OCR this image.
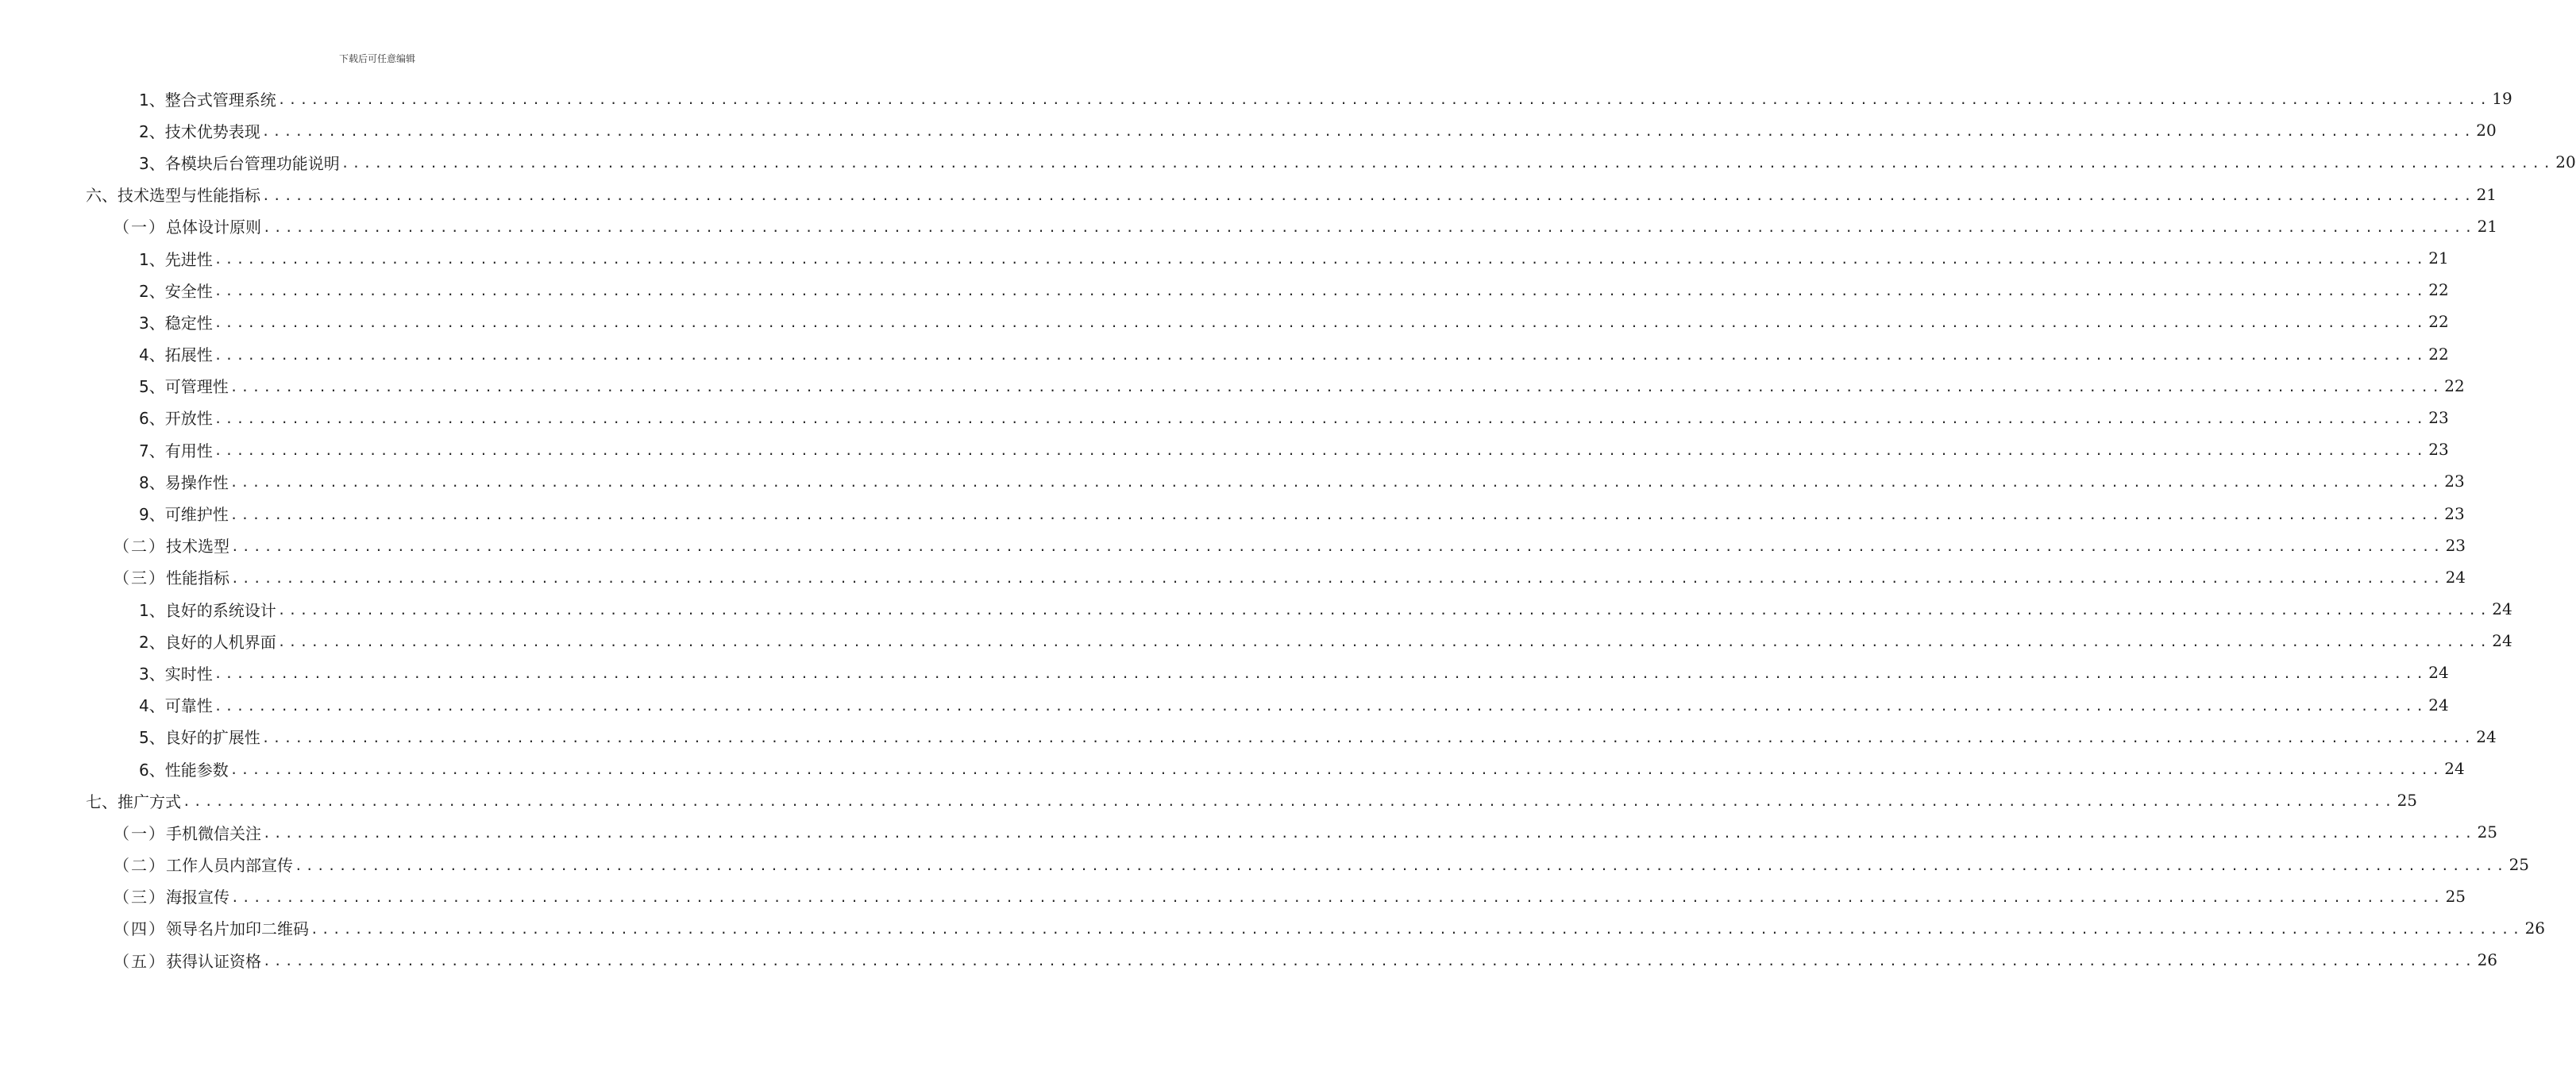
下载后可任意编辑
1、 整合式管理系统 ........................................................................................................................................................................................................ 19
2、 技术优势表现 ........................................................................................................................................................................................................ 20
3、 各模块后台管理功能说明 ........................................................................................................................................................................................................ 20
六、 技术选型与性能指标 ........................................................................................................................................................................................................ 21
（一） 总体设计原则 ........................................................................................................................................................................................................ 21
1、 先进性 ........................................................................................................................................................................................................ 21
2、 安全性 ........................................................................................................................................................................................................ 22
3、 稳定性 ........................................................................................................................................................................................................ 22
4、 拓展性 ........................................................................................................................................................................................................ 22
5、 可管理性 ........................................................................................................................................................................................................ 22
6、 开放性 ........................................................................................................................................................................................................ 23
7、 有用性 ........................................................................................................................................................................................................ 23
8、 易操作性 ........................................................................................................................................................................................................ 23
9、 可维护性 ........................................................................................................................................................................................................ 23
（二） 技术选型 ........................................................................................................................................................................................................ 23
（三） 性能指标 ........................................................................................................................................................................................................ 24
1、 良好的系统设计 ........................................................................................................................................................................................................ 24
2、 良好的人机界面 ........................................................................................................................................................................................................ 24
3、 实时性 ........................................................................................................................................................................................................ 24
4、 可靠性 ........................................................................................................................................................................................................ 24
5、 良好的扩展性 ........................................................................................................................................................................................................ 24
6、 性能参数 ........................................................................................................................................................................................................ 24
七、 推广方式 ........................................................................................................................................................................................................ 25
（一） 手机微信关注 ........................................................................................................................................................................................................ 25
（二） 工作人员内部宣传 ........................................................................................................................................................................................................ 25
（三） 海报宣传 ........................................................................................................................................................................................................ 25
（四） 领导名片加印二维码 ........................................................................................................................................................................................................ 26
（五） 获得认证资格 ........................................................................................................................................................................................................ 26
